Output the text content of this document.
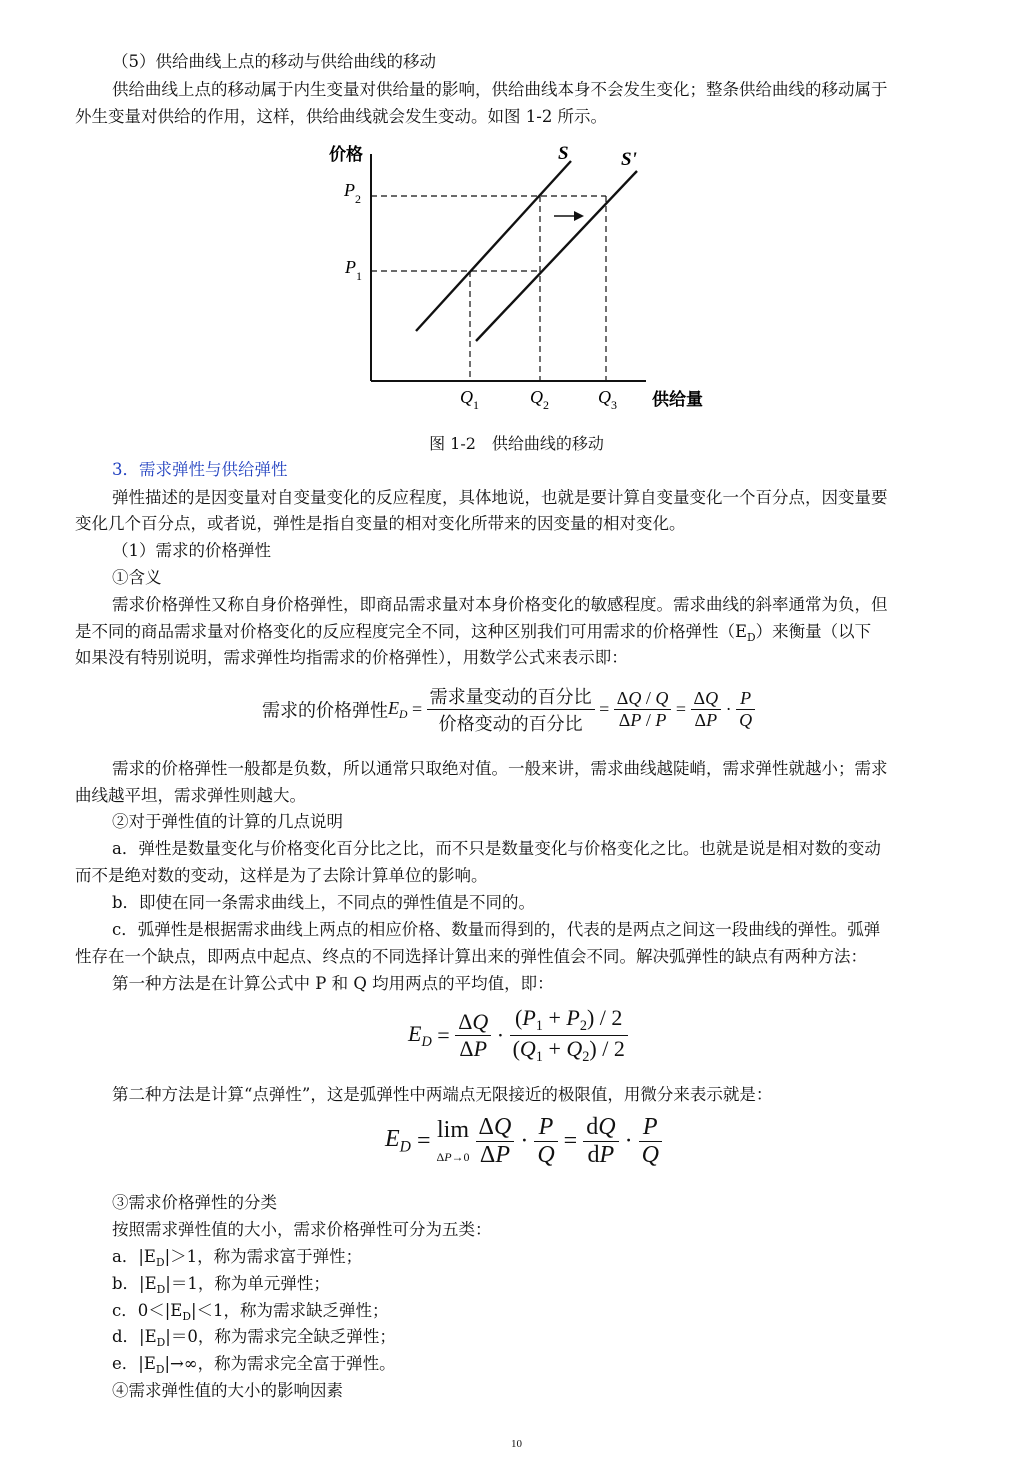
（5）供给曲线上点的移动与供给曲线的移动
供给曲线上点的移动属于内生变量对供给量的影响，供给曲线本身不会发生变化；整条供给曲线的移动属于
外生变量对供给的作用，这样，供给曲线就会发生变动。如图 1-2 所示。
价格
供给量
S	S'
$P_2$
$P_1$
$Q_1$	$Q_2$	$Q_3$
图 1-2　供给曲线的移动
3．需求弹性与供给弹性
弹性描述的是因变量对自变量变化的反应程度，具体地说，也就是要计算自变量变化一个百分点，因变量要
变化几个百分点，或者说，弹性是指自变量的相对变化所带来的因变量的相对变化。
（1）需求的价格弹性
①含义
需求价格弹性又称自身价格弹性，即商品需求量对本身价格变化的敏感程度。需求曲线的斜率通常为负，但
是不同的商品需求量对价格变化的反应程度完全不同，这种区别我们可用需求的价格弹性$(E_D)$来衡量（以下
如果没有特别说明，需求弹性均指需求的价格弹性），用数学公式来表示即：
需求的价格弹性$E_D = \frac{\text{需求量变动的百分比}}{\text{价格变动的百分比}} = \frac{\Delta Q / Q}{\Delta P / P} = \frac{\Delta Q}{\Delta P} \cdot \frac{P}{Q}$
需求的价格弹性一般都是负数，所以通常只取绝对值。一般来讲，需求曲线越陡峭，需求弹性就越小；需求
曲线越平坦，需求弹性则越大。
②对于弹性值的计算的几点说明
a．弹性是数量变化与价格变化百分比之比，而不只是数量变化与价格变化之比。也就是说是相对数的变动
而不是绝对数的变动，这样是为了去除计算单位的影响。
b．即使在同一条需求曲线上，不同点的弹性值是不同的。
c．弧弹性是根据需求曲线上两点的相应价格、数量而得到的，代表的是两点之间这一段曲线的弹性。弧弹
性存在一个缺点，即两点中起点、终点的不同选择计算出来的弹性值会不同。解决弧弹性的缺点有两种方法：
第一种方法是在计算公式中 P 和 Q 均用两点的平均值，即：
$E_D = \frac{\Delta Q}{\Delta P} \cdot \frac{(P_1 + P_2) / 2}{(Q_1 + Q_2) / 2}$
第二种方法是计算“点弹性”，这是弧弹性中两端点无限接近的极限值，用微分来表示就是：
$E_D = \lim$
$\Delta P\to 0 \frac{\Delta Q}{\Delta P} \cdot \frac{P}{Q} = \frac{dQ}{dP} \cdot \frac{P}{Q}$
③需求价格弹性的分类
按照需求弹性值的大小，需求价格弹性可分为五类：
a．$|E_D|>1$，称为需求富于弹性；
b．$|E_D|=1$，称为单元弹性；
c．$0<|E_D|<1$，称为需求缺乏弹性；
d．$|E_D|=0$，称为需求完全缺乏弹性；
e．$|E_D|\to\infty$，称为需求完全富于弹性。
④需求弹性值的大小的影响因素
10
